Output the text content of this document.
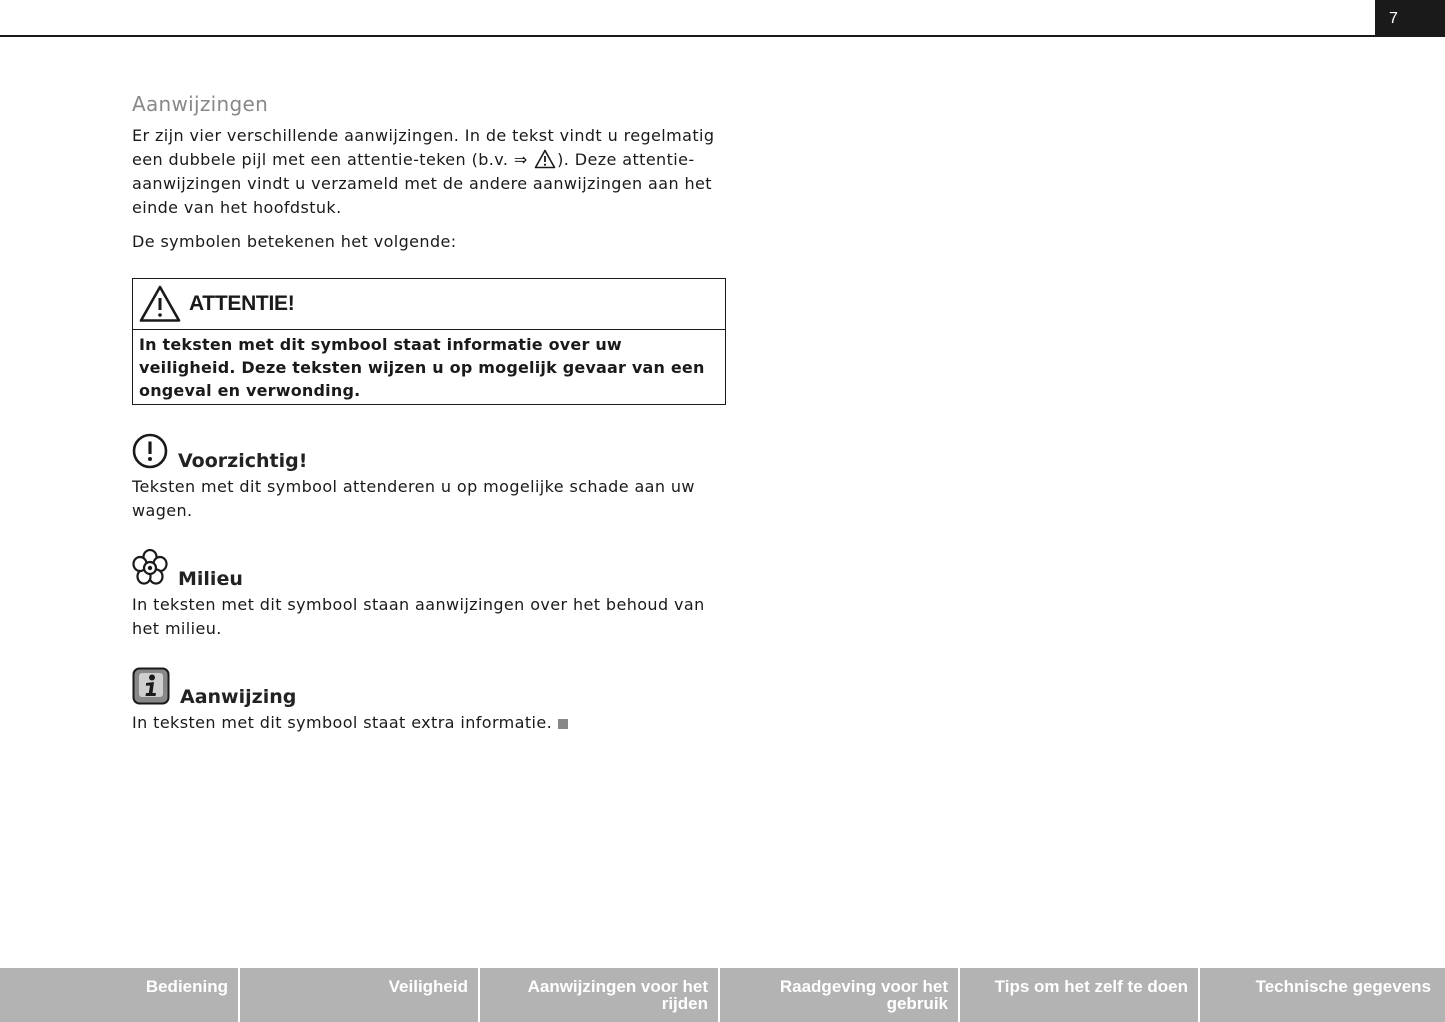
7
Aanwijzingen

Er zijn vier verschillende aanwijzingen. In de tekst vindt u regelmatig een dubbele pijl met een attentie-teken (b.v. ⇒ ). Deze attentie-aanwijzingen vindt u verzameld met de andere aanwijzingen aan het einde van het hoofdstuk.

De symbolen betekenen het volgende:

ATTENTIE!
In teksten met dit symbool staat informatie over uw veiligheid. Deze teksten wijzen u op mogelijk gevaar van een ongeval en verwonding.
Voorzichtig!

Teksten met dit symbool attenderen u op mogelijke schade aan uw wagen.

Milieu

In teksten met dit symbool staan aanwijzingen over het behoud van het milieu.

Aanwijzing

In teksten met dit symbool staat extra informatie.

Bediening	Veiligheid	Aanwijzingen voor het rijden
Raadgeving voor het gebruik
Tips om het zelf te doen	Technische gegevens
